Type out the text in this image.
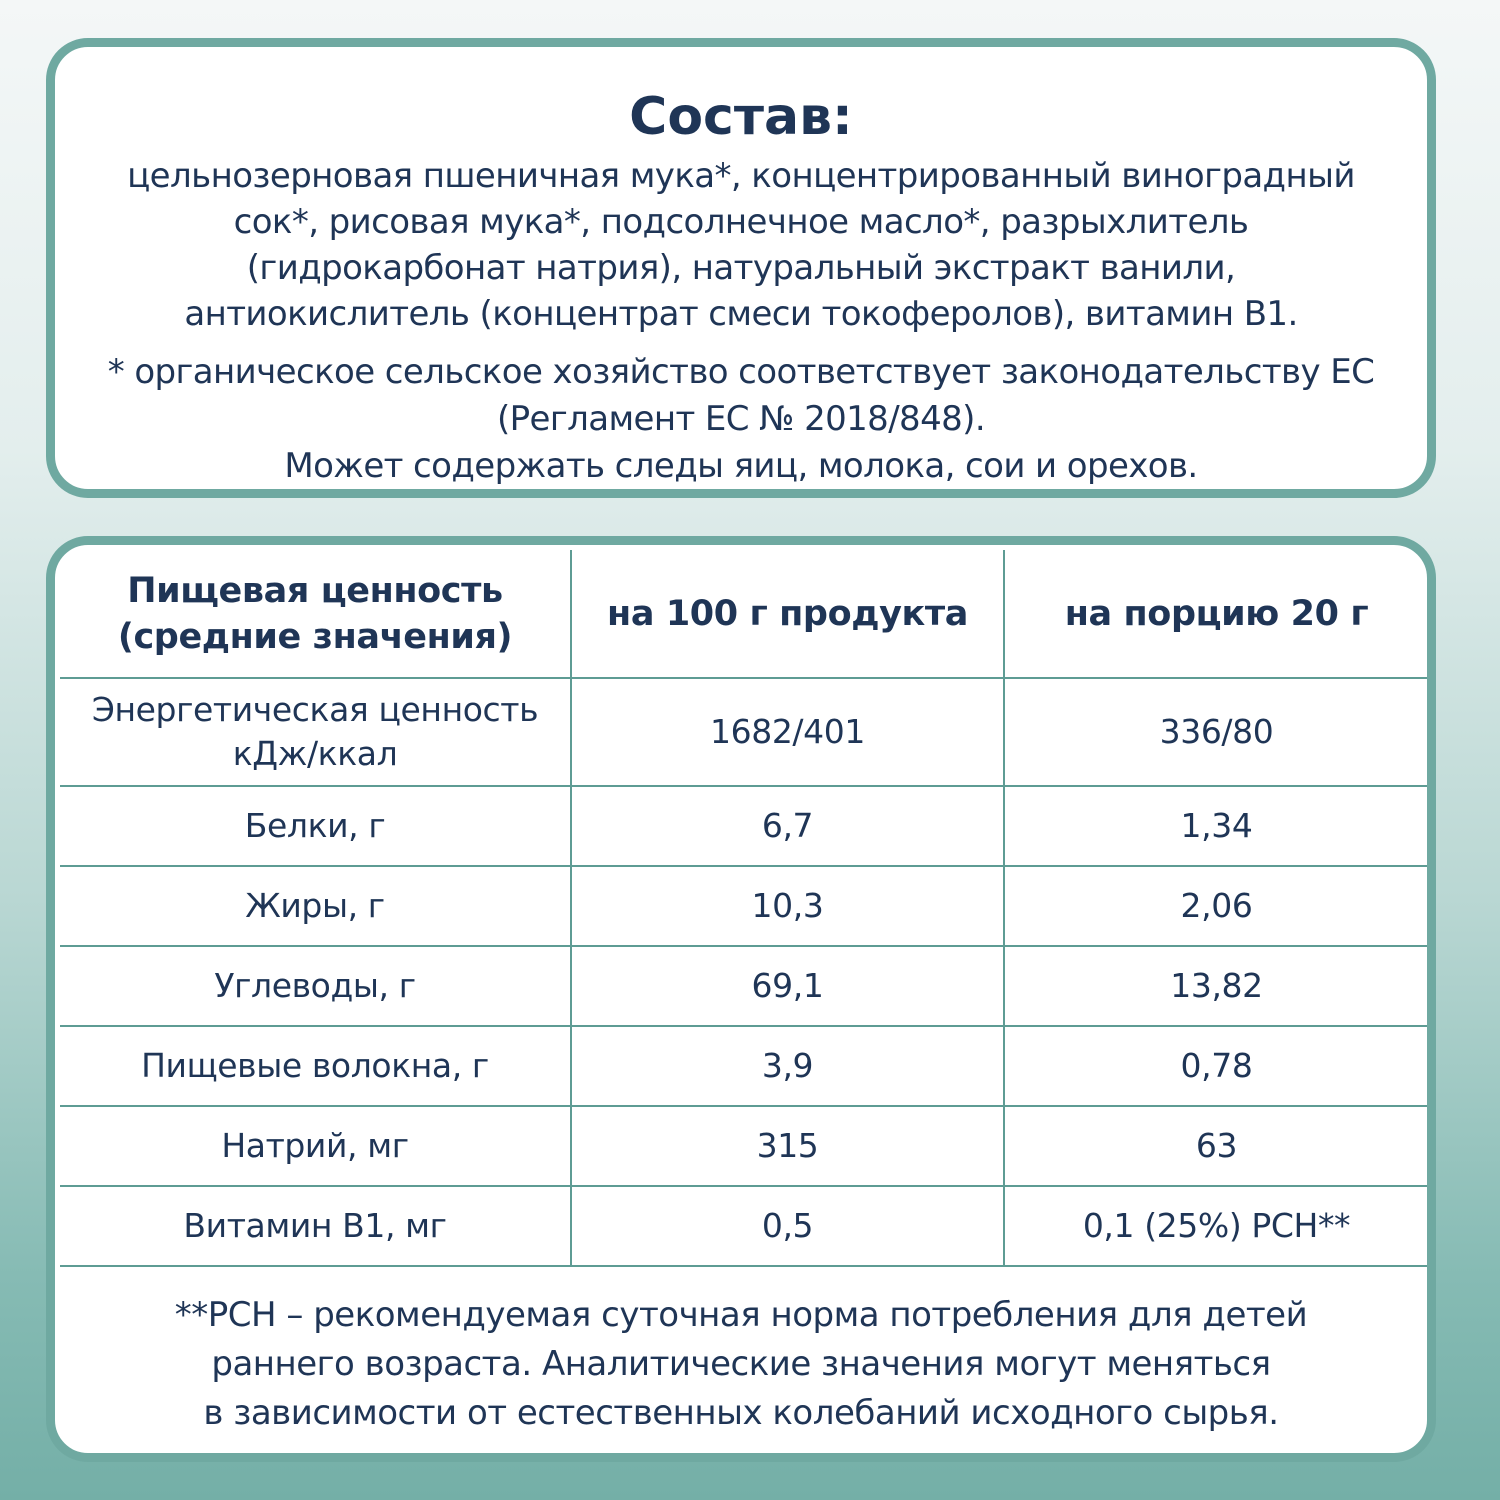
Состав:

цельнозерновая пшеничная мука*, концентрированный виноградный сок*, рисовая мука*, подсолнечное масло*, разрыхлитель (гидрокарбонат натрия), натуральный экстракт ванили, антиокислитель (концентрат смеси токоферолов), витамин В1.

* органическое сельское хозяйство соответствует законодательству ЕС
(Регламент ЕС № 2018/848).
Может содержать следы яиц, молока, сои и орехов.
Пищевая ценность
(средние значения)	на 100 г продукта	на порцию 20 г

Энергетическая ценность
кДж/ккал	1682/401	336/80
Белки, г	6,7	1,34
Жиры, г	10,3	2,06
Углеводы, г	69,1	13,82
Пищевые волокна, г	3,9	0,78
Натрий, мг	315	63
Витамин В1, мг	0,5	0,1 (25%) РСН**
**РСН – рекомендуемая суточная норма потребления для детей
раннего возраста. Аналитические значения могут меняться
в зависимости от естественных колебаний исходного сырья.
